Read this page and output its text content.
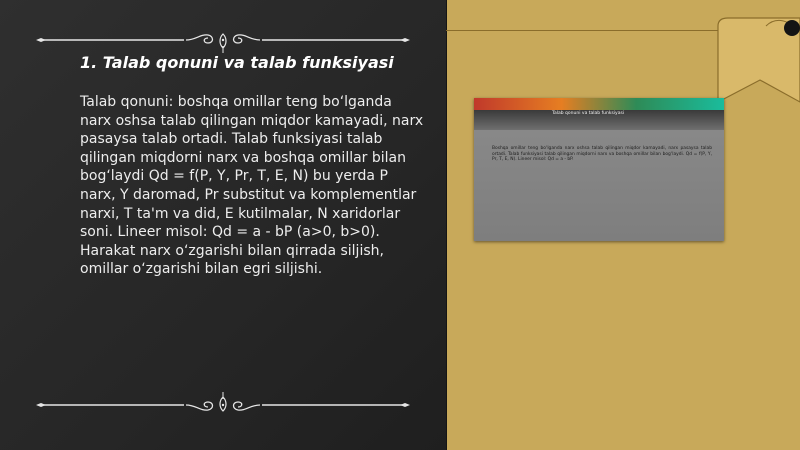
1. Talab qonuni va talab funksiyasi
Talab qonuni: boshqa omillar teng bo‘lganda narx oshsa talab qilingan miqdor kamayadi, narx pasaysa talab ortadi. Talab funksiyasi talab qilingan miqdorni narx va boshqa omillar bilan bog‘laydi Qd = f(P, Y, Pr, T, E, N) bu yerda P narx, Y daromad, Pr substitut va komplementlar narxi, T ta'm va did, E kutilmalar, N xaridorlar soni. Lineer misol: Qd = a - bP (a>0, b>0). Harakat narx o‘zgarishi bilan qirrada siljish, omillar o‘zgarishi bilan egri siljishi.
Talab qonuni va talab funksiyasi
Boshqa omillar teng bo‘lganda narx oshsa talab qilingan miqdor kamayadi, narx pasaysa talab ortadi. Talab funksiyasi talab qilingan miqdorni narx va boshqa omillar bilan bog‘laydi. Qd = f(P, Y, Pr, T, E, N). Lineer misol: Qd = a - bP.
